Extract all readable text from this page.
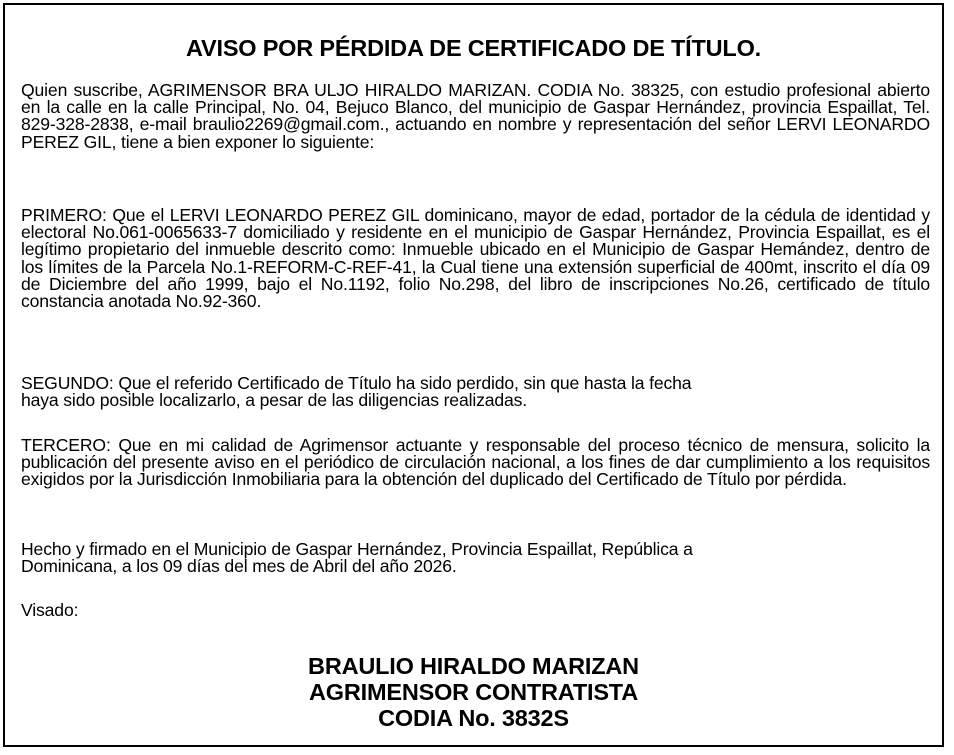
AVISO POR PÉRDIDA DE CERTIFICADO DE TÍTULO.
Quien suscribe, AGRIMENSOR BRA ULJO HIRALDO MARIZAN. CODIA No. 38325, con estudio profesional abierto en la calle en la calle Principal, No. 04, Bejuco Blanco, del municipio de Gaspar Hernández, provincia Espaillat, Tel. 829-328-2838, e-mail braulio2269@gmail.com., actuando en nombre y representación del señor LERVI LEONARDO PEREZ GIL, tiene a bien exponer lo siguiente:
PRIMERO: Que el LERVI LEONARDO PEREZ GIL dominicano, mayor de edad, portador de la cédula de identidad y electoral No.061-0065633-7 domiciliado y residente en el municipio de Gaspar Hernández, Provincia Espaillat, es el legítimo propietario del inmueble descrito como: Inmueble ubicado en el Municipio de Gaspar Hemández, dentro de los límites de la Parcela No.1-REFORM-C-REF-41, la Cual tiene una extensión superficial de 400mt, inscrito el día 09 de Diciembre del año 1999, bajo el No.1192, folio No.298, del libro de inscripciones No.26, certificado de título constancia anotada No.92-360.
SEGUNDO: Que el referido Certificado de Título ha sido perdido, sin que hasta la fecha
haya sido posible localizarlo, a pesar de las diligencias realizadas.
TERCERO: Que en mi calidad de Agrimensor actuante y responsable del proceso técnico de mensura, solicito la publicación del presente aviso en el periódico de circulación nacional, a los fines de dar cumplimiento a los requisitos exigidos por la Jurisdicción Inmobiliaria para la obtención del duplicado del Certificado de Título por pérdida.
Hecho y firmado en el Municipio de Gaspar Hernández, Provincia Espaillat, República a
Dominicana, a los 09 días del mes de Abril del año 2026.
Visado:
BRAULIO HIRALDO MARIZAN
AGRIMENSOR CONTRATISTA
CODIA No. 3832S
